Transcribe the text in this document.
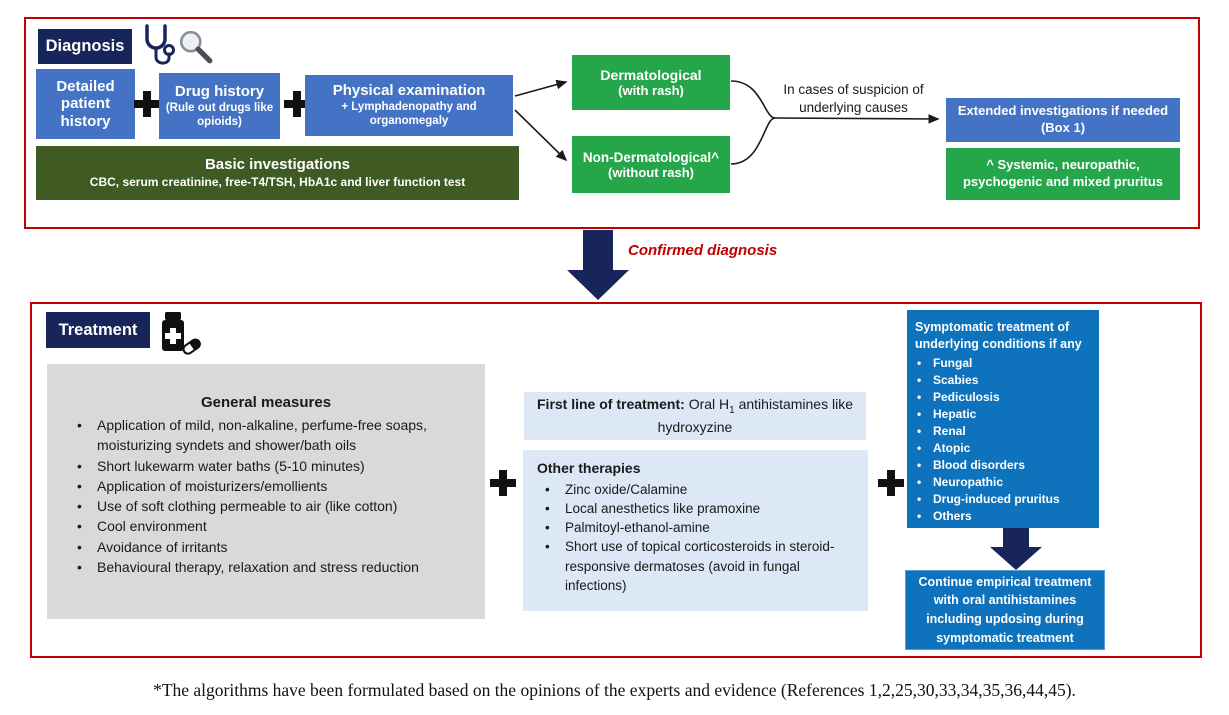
Diagnosis
Detailed patient history
Drug history
(Rule out drugs like opioids)
Physical examination
+ Lymphadenopathy and organomegaly
Basic investigations
CBC, serum creatinine, free-T4/TSH, HbA1c and liver function test
Dermatological
(with rash)
Non-Dermatological^
(without rash)
In cases of suspicion of underlying causes	Extended investigations if needed (Box 1)
^ Systemic, neuropathic, psychogenic and mixed pruritus
Confirmed diagnosis
Treatment
General measures
• Application of mild, non-alkaline, perfume-free soaps, moisturizing syndets and shower/bath oils
• Short lukewarm water baths (5-10 minutes)
• Application of moisturizers/emollients
• Use of soft clothing permeable to air (like cotton)
• Cool environment
• Avoidance of irritants
• Behavioural therapy, relaxation and stress reduction
First line of treatment: Oral $H_1$ antihistamines like hydroxyzine
Other therapies
• Zinc oxide/Calamine
• Local anesthetics like pramoxine
• Palmitoyl-ethanol-amine
• Short use of topical corticosteroids in steroid-responsive dermatoses (avoid in fungal infections)
Symptomatic treatment of underlying conditions if any
• Fungal
• Scabies
• Pediculosis
• Hepatic
• Renal
• Atopic
• Blood disorders
• Neuropathic
• Drug-induced pruritus
• Others
Continue empirical treatment with oral antihistamines including updosing during symptomatic treatment
*The algorithms have been formulated based on the opinions of the experts and evidence (References 1,2,25,30,33,34,35,36,44,45).
